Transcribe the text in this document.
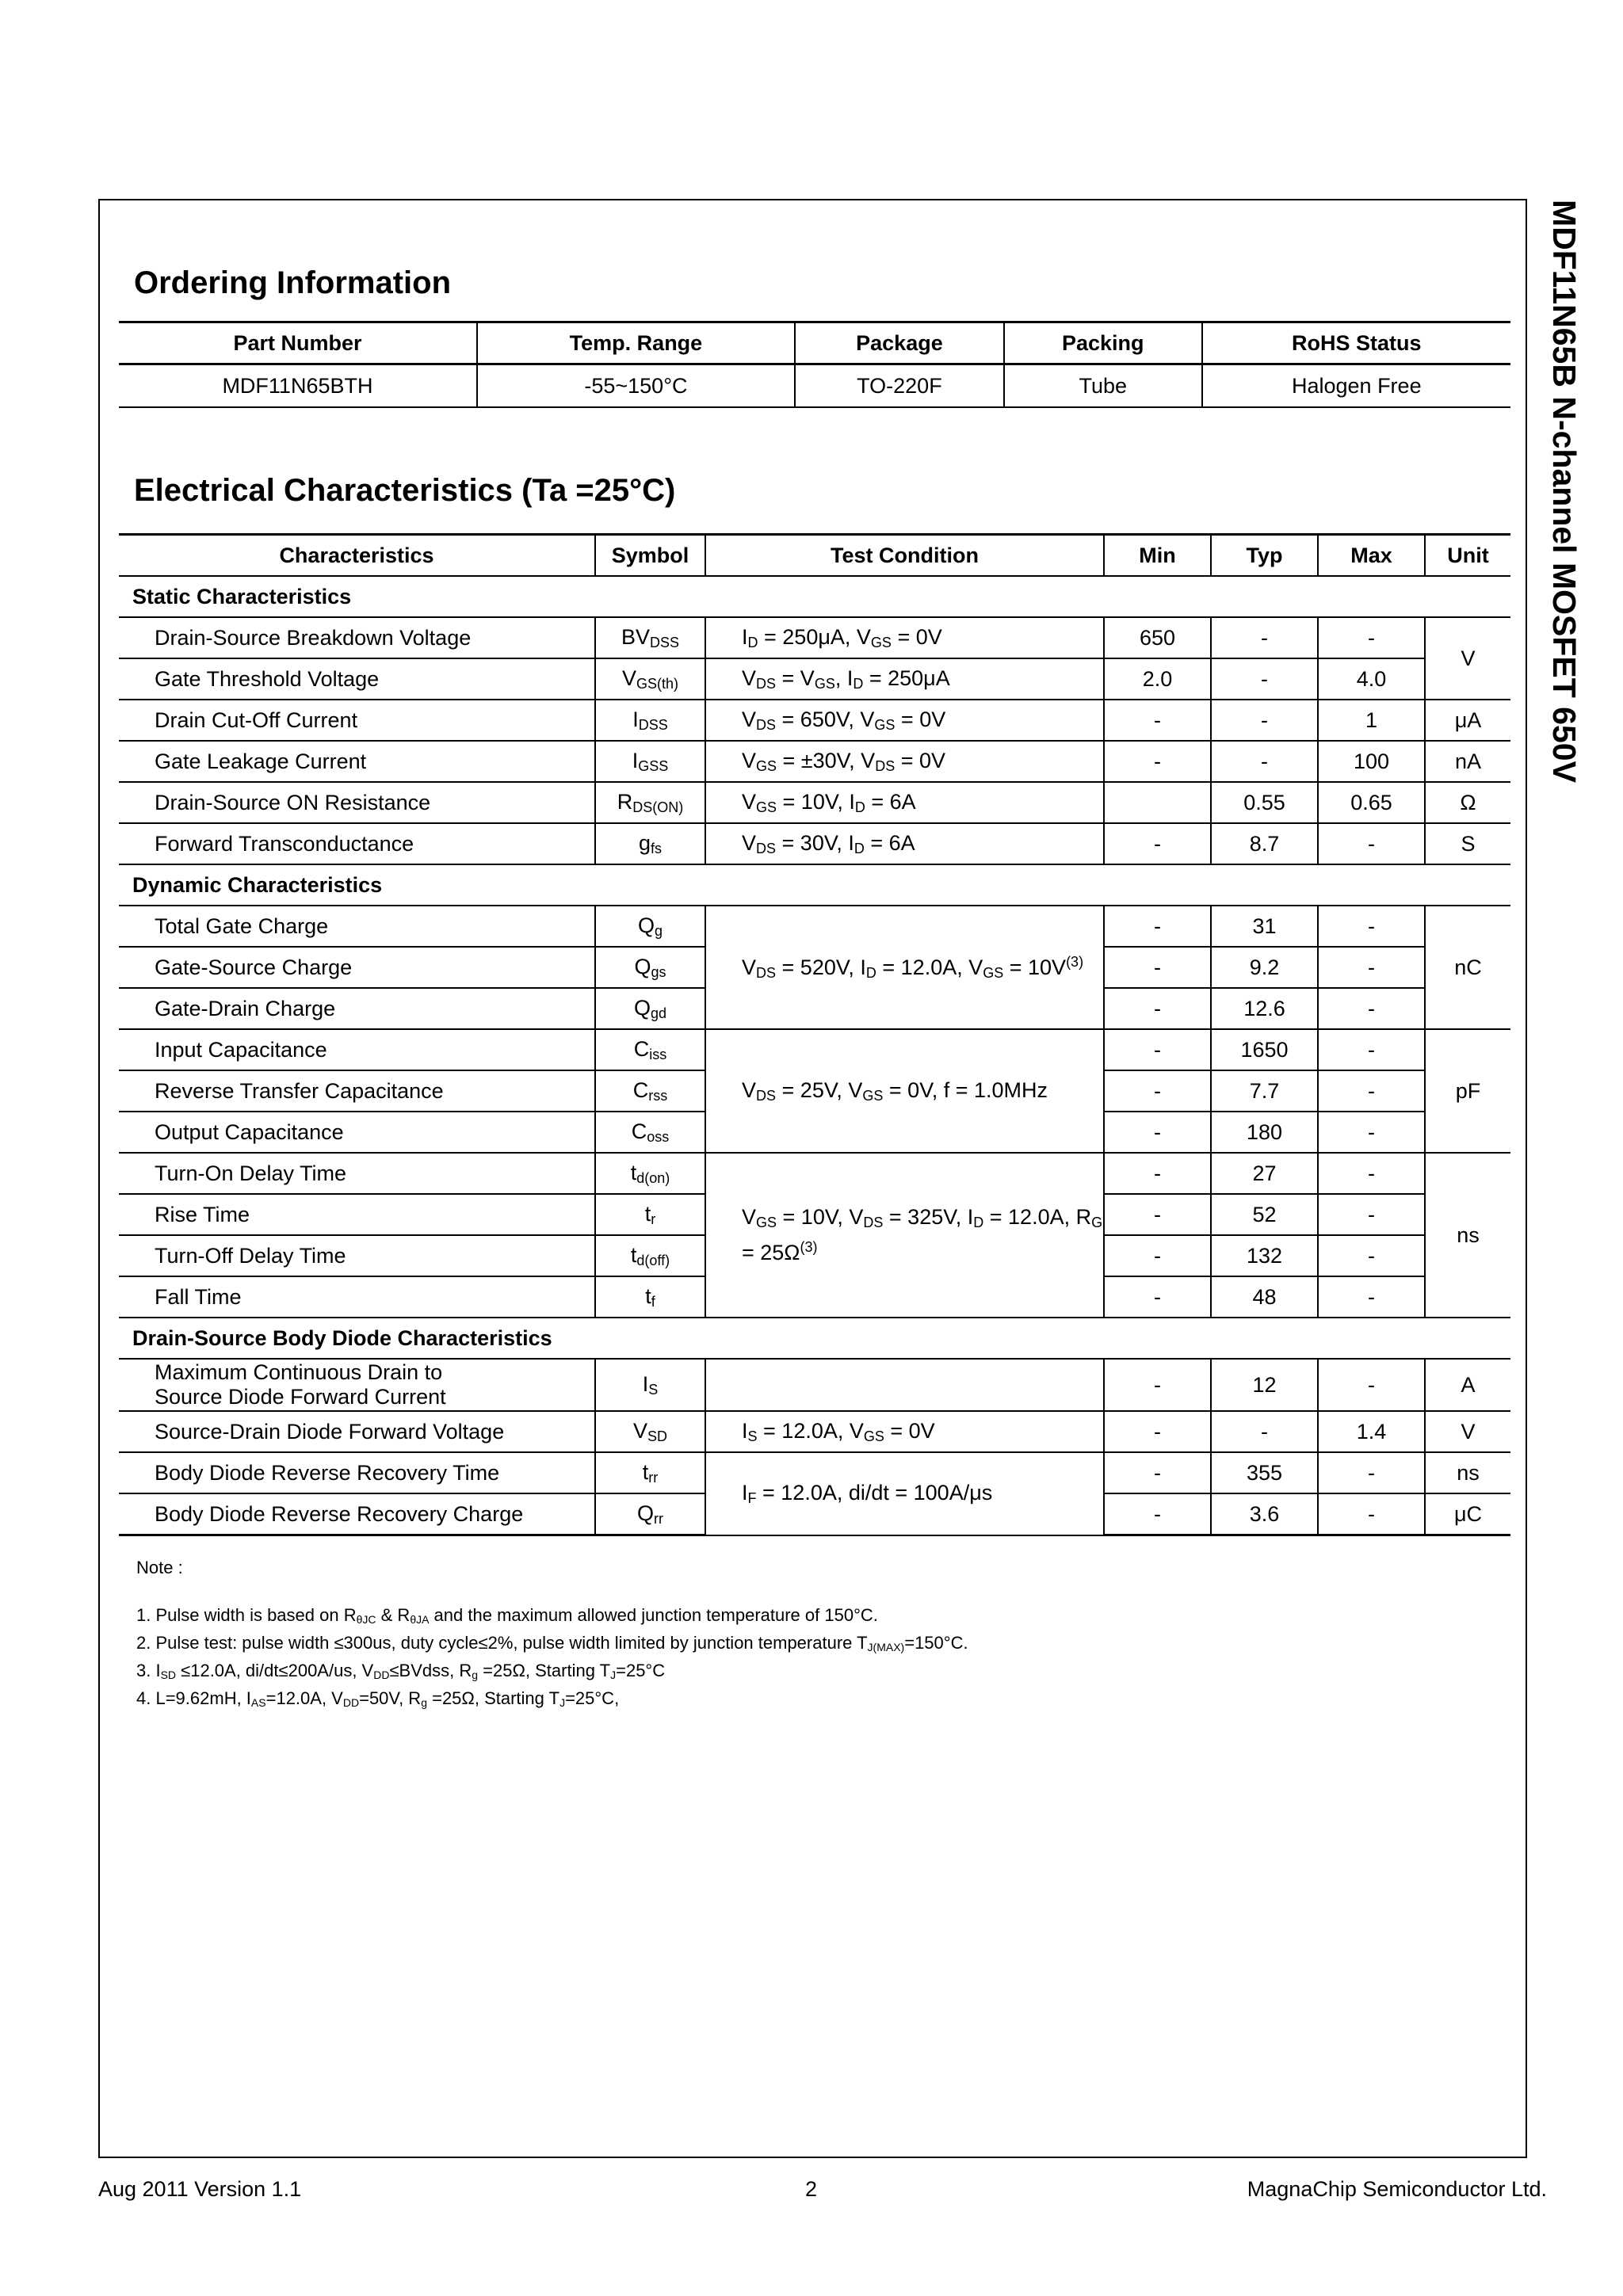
MDF11N65B N-channel MOSFET 650V
Ordering Information
Part Number	Temp. Range	Package	Packing	RoHS Status
MDF11N65BTH	-55~150°C	TO-220F	Tube	Halogen Free
Electrical Characteristics (Ta =25°C)
Characteristics	Symbol	Test Condition	Min	Typ	Max	Unit
Static Characteristics						
Drain-Source Breakdown Voltage	$BV_{DSS}$	$I_D = 250\mu A$, $V_{GS} = 0V$	650	-	-	V
Gate Threshold Voltage	$V_{GS(th)}$	$V_{DS} = V_{GS}$, $I_D = 250\mu A$	2.0	-	4.0	
Drain Cut-Off Current	$I_{DSS}$	$V_{DS} = 650V$, $V_{GS} = 0V$	-	-	1	μA
Gate Leakage Current	$I_{GSS}$	$V_{GS} = \pm 30V$, $V_{DS} = 0V$	-	-	100	nA
Drain-Source ON Resistance	$R_{DS(ON)}$	$V_{GS} = 10V$, $I_D = 6A$		0.55	0.65	Ω
Forward Transconductance	$g_{fs}$	$V_{DS} = 30V$, $I_D = 6A$	-	8.7	-	S
Dynamic Characteristics						
Total Gate Charge	$Q_g$	$V_{DS} = 520V$, $I_D = 12.0A$, $V_{GS} = 10V^{(3)}$	-	31	-	nC
Gate-Source Charge	$Q_{gs}$		-	9.2	-	
Gate-Drain Charge	$Q_{gd}$		-	12.6	-	
Input Capacitance	$C_{iss}$	$V_{DS} = 25V$, $V_{GS} = 0V$, f = 1.0MHz	-	1650	-	pF
Reverse Transfer Capacitance	$C_{rss}$		-	7.7	-	
Output Capacitance	$C_{oss}$		-	180	-	
Turn-On Delay Time	$t_{d(on)}$	$V_{GS} = 10V$, $V_{DS} = 325V$, $I_D = 12.0A$, $R_G = 25\Omega^{(3)}$	-	27	-	ns
Rise Time	$t_r$		-	52	-	
Turn-Off Delay Time	$t_{d(off)}$		-	132	-	
Fall Time	$t_f$		-	48	-	
Drain-Source Body Diode Characteristics						
Maximum Continuous Drain to
Source Diode Forward Current	$I_S$		-	12	-	A
Source-Drain Diode Forward Voltage	$V_{SD}$	$I_S = 12.0A$, $V_{GS} = 0V$	-	-	1.4	V
Body Diode Reverse Recovery Time	$t_{rr}$	$I_F = 12.0A$, di/dt = 100A/μs	-	355	-	ns
Body Diode Reverse Recovery Charge	$Q_{rr}$		-	3.6	-	μC
Note :
1. Pulse width is based on $R_{\theta JC}$ & $R_{\theta JA}$ and the maximum allowed junction temperature of 150°C.
2. Pulse test: pulse width ≤300us, duty cycle≤2%, pulse width limited by junction temperature $T_{J(MAX)}=150^\circ C$.
3. $I_{SD} \le 12.0A$, di/dt≤200A/us, $V_{DD}\le BVdss$, $R_g =25\Omega$, Starting $T_J=25^\circ C$
4. L=9.62mH, $I_{AS}=12.0A$, $V_{DD}=50V$, $R_g =25\Omega$, Starting $T_J=25^\circ C$,
Aug 2011 Version 1.1	2	MagnaChip Semiconductor Ltd.
